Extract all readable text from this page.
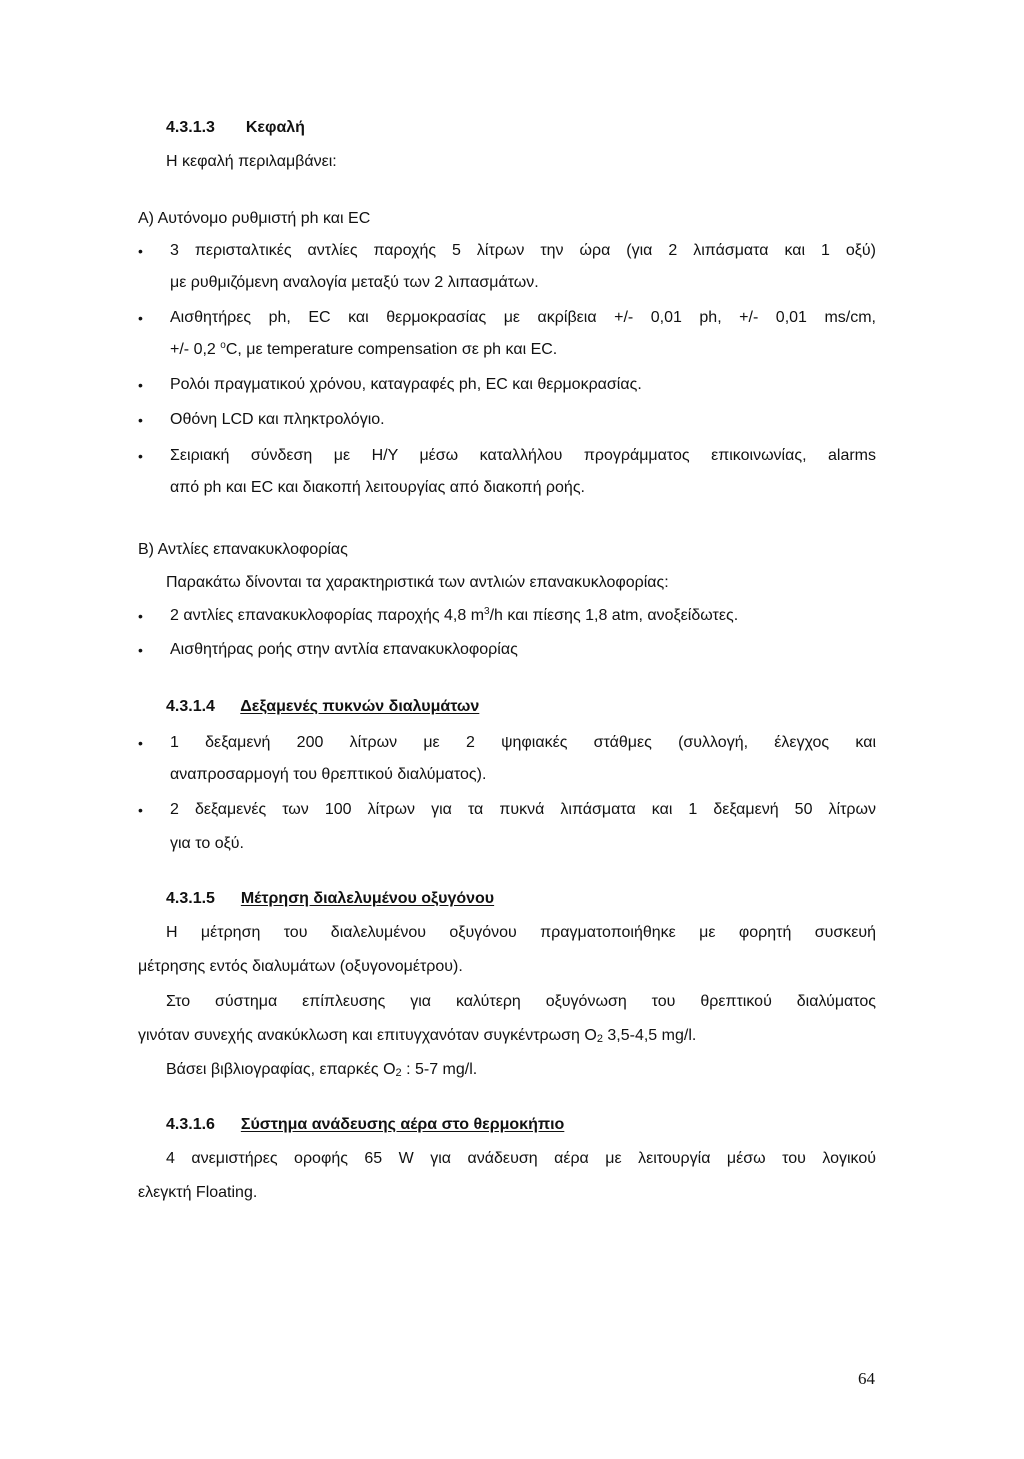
4.3.1.3 Κεφαλή
Η κεφαλή περιλαμβάνει:
Α) Αυτόνομο ρυθμιστή ph και EC
• 3 περισταλτικές αντλίες παροχής 5 λίτρων την ώρα (για 2 λιπάσματα και 1 οξύ)
με ρυθμιζόμενη αναλογία μεταξύ των 2 λιπασμάτων.
• Αισθητήρες ph, EC και θερμοκρασίας με ακρίβεια +/- 0,01 ph, +/- 0,01 ms/cm,
+/- 0,2 $^o$C, με temperature compensation σε ph και EC.
• Ρολόι πραγματικού χρόνου, καταγραφές ph, EC και θερμοκρασίας.
• Οθόνη LCD και πληκτρολόγιο.
• Σειριακή σύνδεση με Η/Υ μέσω καταλλήλου προγράμματος επικοινωνίας, alarms
από ph και EC και διακοπή λειτουργίας από διακοπή ροής.
Β) Αντλίες επανακυκλοφορίας
Παρακάτω δίνονται τα χαρακτηριστικά των αντλιών επανακυκλοφορίας:
• 2 αντλίες επανακυκλοφορίας παροχής 4,8 $m^3/h$ και πίεσης 1,8 atm, ανοξείδωτες.
• Αισθητήρας ροής στην αντλία επανακυκλοφορίας
4.3.1.4 Δεξαμενές πυκνών διαλυμάτων
• 1 δεξαμενή 200 λίτρων με 2 ψηφιακές στάθμες (συλλογή, έλεγχος και
αναπροσαρμογή του θρεπτικού διαλύματος).
• 2 δεξαμενές των 100 λίτρων για τα πυκνά λιπάσματα και 1 δεξαμενή 50 λίτρων
για το οξύ.
4.3.1.5 Μέτρηση διαλελυμένου οξυγόνου
Η μέτρηση του διαλελυμένου οξυγόνου πραγματοποιήθηκε με φορητή συσκευή
μέτρησης εντός διαλυμάτων (οξυγονομέτρου).
Στο σύστημα επίπλευσης για καλύτερη οξυγόνωση του θρεπτικού διαλύματος
γινόταν συνεχής ανακύκλωση και επιτυγχανόταν συγκέντρωση $O_2$ 3,5-4,5 mg/l.
Βάσει βιβλιογραφίας, επαρκές $O_2$ : 5-7 mg/l.
4.3.1.6 Σύστημα ανάδευσης αέρα στο θερμοκήπιο
4 ανεμιστήρες οροφής 65 W για ανάδευση αέρα με λειτουργία μέσω του λογικού
ελεγκτή Floating.
64
